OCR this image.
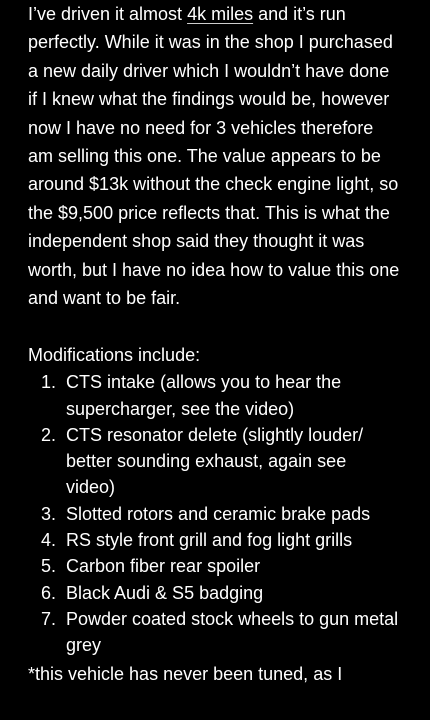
I’ve driven it almost 4k miles and it’s run perfectly. While it was in the shop I purchased a new daily driver which I wouldn’t have done if I knew what the findings would be, however now I have no need for 3 vehicles therefore am selling this one. The value appears to be around $13k without the check engine light, so the $9,500 price reflects that. This is what the independent shop said they thought it was worth, but I have no idea how to value this one and want to be fair.

Modifications include:

1. CTS intake (allows you to hear the supercharger, see the video)
2. CTS resonator delete (slightly louder/ better sounding exhaust, again see video)
3. Slotted rotors and ceramic brake pads
4. RS style front grill and fog light grills
5. Carbon fiber rear spoiler
6. Black Audi & S5 badging
7. Powder coated stock wheels to gun metal grey

*this vehicle has never been tuned, as I
